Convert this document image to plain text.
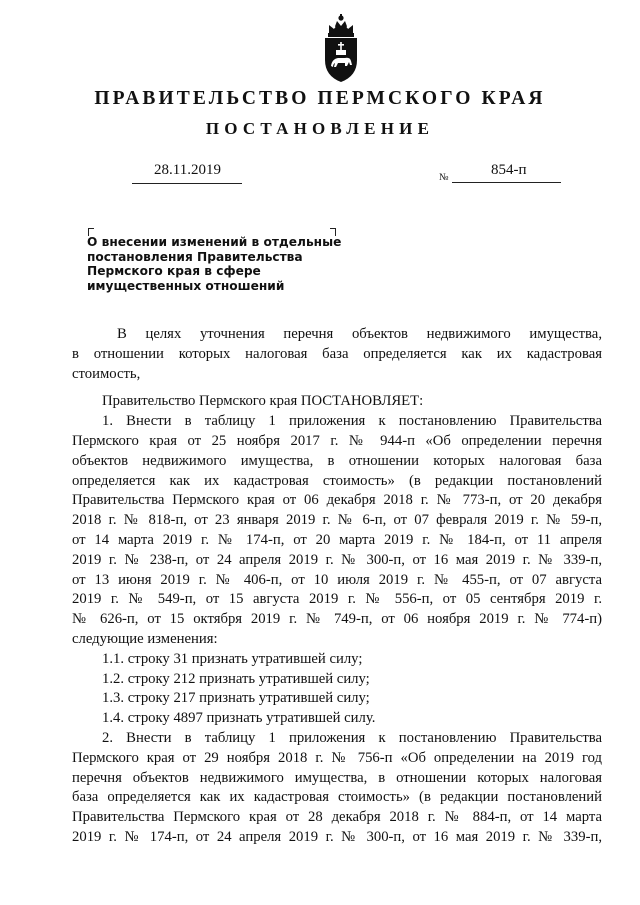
ПРАВИТЕЛЬСТВО ПЕРМСКОГО КРАЯ
ПОСТАНОВЛЕНИЕ
28.11.2019	№	854-п
О внесении изменений в отдельные
постановления Правительства
Пермского края в сфере
имущественных отношений
В целях уточнения перечня объектов недвижимого имущества,
в отношении которых налоговая база определяется как их кадастровая
стоимость,
Правительство Пермского края ПОСТАНОВЛЯЕТ:
1. Внести в таблицу 1 приложения к постановлению Правительства
Пермского края от 25 ноября 2017 г. № 944-п «Об определении перечня
объектов недвижимого имущества, в отношении которых налоговая база
определяется как их кадастровая стоимость» (в редакции постановлений
Правительства Пермского края от 06 декабря 2018 г. № 773-п, от 20 декабря
2018 г. № 818-п, от 23 января 2019 г. № 6-п, от 07 февраля 2019 г. № 59-п,
от 14 марта 2019 г. № 174-п, от 20 марта 2019 г. № 184-п, от 11 апреля
2019 г. № 238-п, от 24 апреля 2019 г. № 300-п, от 16 мая 2019 г. № 339-п,
от 13 июня 2019 г. № 406-п, от 10 июля 2019 г. № 455-п, от 07 августа
2019 г. № 549-п, от 15 августа 2019 г. № 556-п, от 05 сентября 2019 г.
№ 626-п, от 15 октября 2019 г. № 749-п, от 06 ноября 2019 г. № 774-п)
следующие изменения:
1.1. строку 31 признать утратившей силу;
1.2. строку 212 признать утратившей силу;
1.3. строку 217 признать утратившей силу;
1.4. строку 4897 признать утратившей силу.
2. Внести в таблицу 1 приложения к постановлению Правительства
Пермского края от 29 ноября 2018 г. № 756-п «Об определении на 2019 год
перечня объектов недвижимого имущества, в отношении которых налоговая
база определяется как их кадастровая стоимость» (в редакции постановлений
Правительства Пермского края от 28 декабря 2018 г. № 884-п, от 14 марта
2019 г. № 174-п, от 24 апреля 2019 г. № 300-п, от 16 мая 2019 г. № 339-п,
